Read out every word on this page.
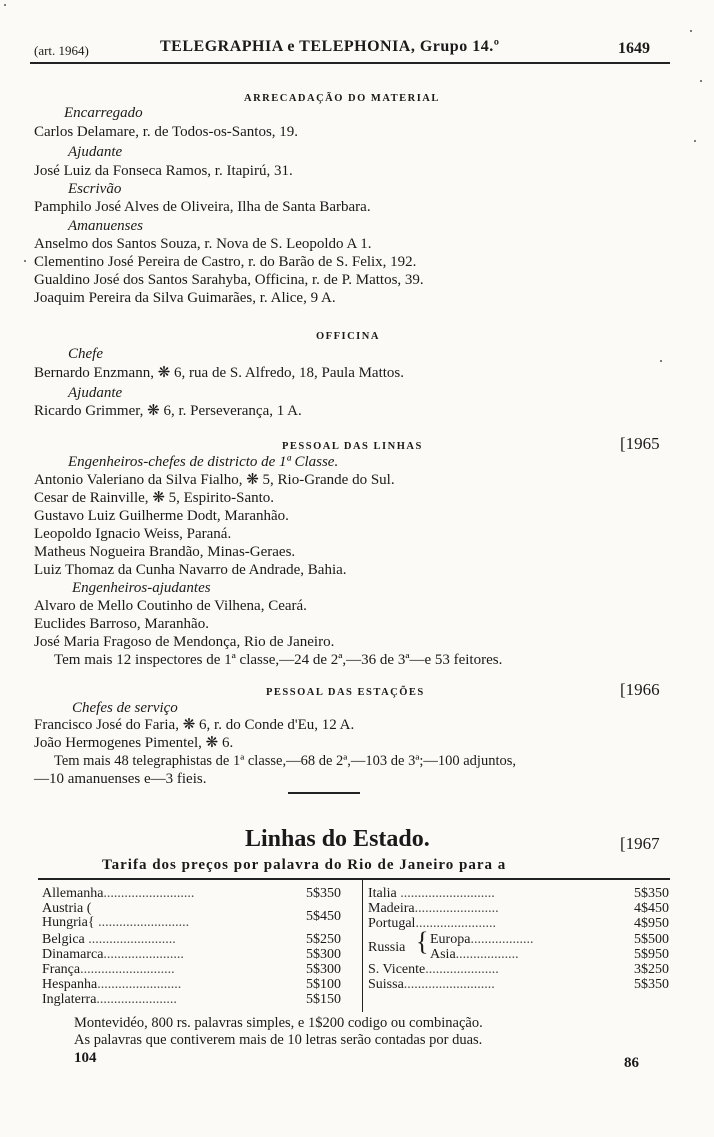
(art. 1964)	TELEGRAPHIA e TELEPHONIA, Grupo 14.º	1649
ARRECADAÇÃO DO MATERIAL
Encarregado
Carlos Delamare, r. de Todos-os-Santos, 19.
Ajudante
José Luiz da Fonseca Ramos, r. Itapirú, 31.
Escrivão
Pamphilo José Alves de Oliveira, Ilha de Santa Barbara.
Amanuenses
Anselmo dos Santos Souza, r. Nova de S. Leopoldo A 1.
Clementino José Pereira de Castro, r. do Barão de S. Felix, 192.
Gualdino José dos Santos Sarahyba, Officina, r. de P. Mattos, 39.
Joaquim Pereira da Silva Guimarães, r. Alice, 9 A.
OFFICINA
Chefe
Bernardo Enzmann, ❋ 6, rua de S. Alfredo, 18, Paula Mattos.
Ajudante
Ricardo Grimmer, ❋ 6, r. Perseverança, 1 A.
PESSOAL DAS LINHAS	[1965
Engenheiros-chefes de districto de 1ª Classe.
Antonio Valeriano da Silva Fialho, ❋ 5, Rio-Grande do Sul.
Cesar de Rainville, ❋ 5, Espirito-Santo.
Gustavo Luiz Guilherme Dodt, Maranhão.
Leopoldo Ignacio Weiss, Paraná.
Matheus Nogueira Brandão, Minas-Geraes.
Luiz Thomaz da Cunha Navarro de Andrade, Bahia.
Engenheiros-ajudantes
Alvaro de Mello Coutinho de Vilhena, Ceará.
Euclides Barroso, Maranhão.
José Maria Fragoso de Mendonça, Rio de Janeiro.
Tem mais 12 inspectores de 1ª classe,—24 de 2ª,—36 de 3ª—e 53 feitores.
PESSOAL DAS ESTAÇÕES	[1966
Chefes de serviço
Francisco José do Faria, ❋ 6, r. do Conde d'Eu, 12 A.
João Hermogenes Pimentel, ❋ 6.
Tem mais 48 telegraphistas de 1ª classe,—68 de 2ª,—103 de 3ª;—100 adjuntos,
—10 amanuenses e—3 fieis.
Linhas do Estado.	[1967
Tarifa dos preços por palavra do Rio de Janeiro para a
Allemanha..........................	5$350
Austria (
Hungria{ ..........................	5$450
Belgica .........................	5$250
Dinamarca.......................	5$300
França...........................	5$300
Hespanha........................	5$100
Inglaterra.......................	5$150
Italia ...........................	5$350
Madeira........................	4$450
Portugal.......................	4$950
Russia { Europa..................	5$500
Asia..................	5$950
S. Vicente.....................	3$250
Suissa..........................	5$350
Montevidéo, 800 rs. palavras simples, e 1$200 codigo ou combinação.
As palavras que contiverem mais de 10 letras serão contadas por duas.
104	86
